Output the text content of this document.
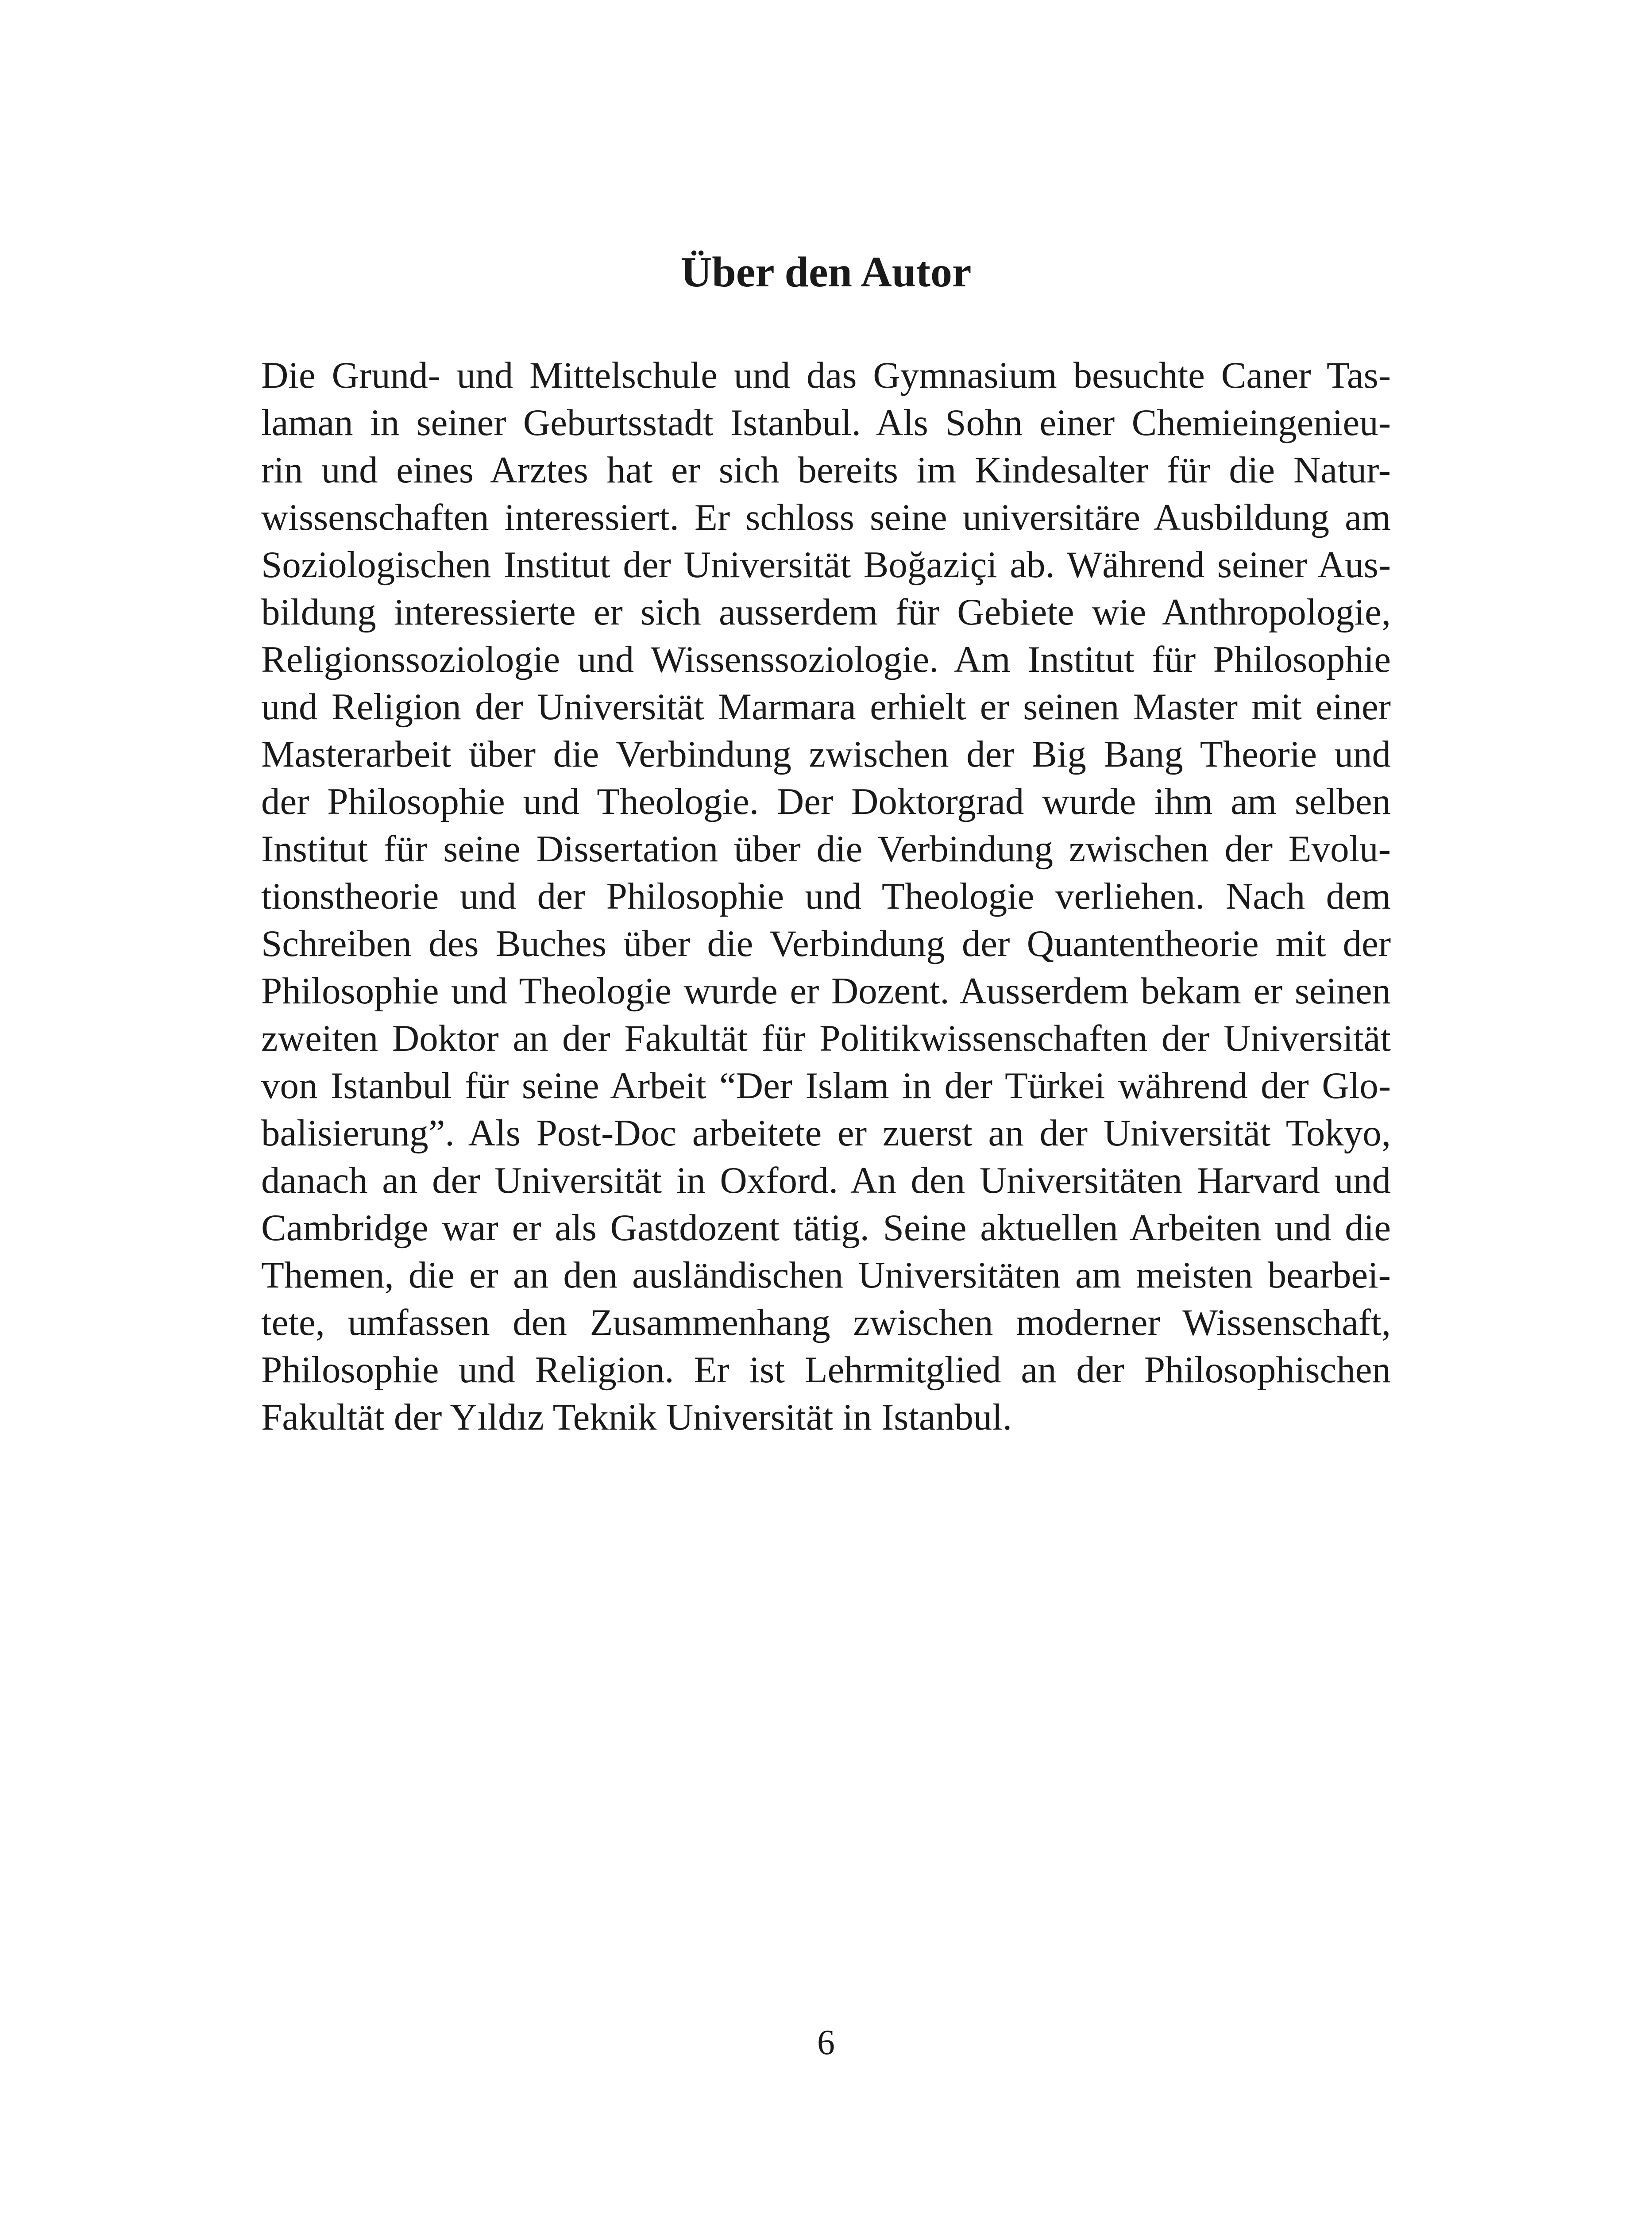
Über den Autor
Die Grund- und Mittelschule und das Gymnasium besuchte Caner Tas-
laman in seiner Geburtsstadt Istanbul. Als Sohn einer Chemieingenieu-
rin und eines Arztes hat er sich bereits im Kindesalter für die Natur-
wissenschaften interessiert. Er schloss seine universitäre Ausbildung am
Soziologischen Institut der Universität Boğaziçi ab. Während seiner Aus-
bildung interessierte er sich ausserdem für Gebiete wie Anthropologie,
Religionssoziologie und Wissenssoziologie. Am Institut für Philosophie
und Religion der Universität Marmara erhielt er seinen Master mit einer
Masterarbeit über die Verbindung zwischen der Big Bang Theorie und
der Philosophie und Theologie. Der Doktorgrad wurde ihm am selben
Institut für seine Dissertation über die Verbindung zwischen der Evolu-
tionstheorie und der Philosophie und Theologie verliehen. Nach dem
Schreiben des Buches über die Verbindung der Quantentheorie mit der
Philosophie und Theologie wurde er Dozent. Ausserdem bekam er seinen
zweiten Doktor an der Fakultät für Politikwissenschaften der Universität
von Istanbul für seine Arbeit “Der Islam in der Türkei während der Glo-
balisierung”. Als Post-Doc arbeitete er zuerst an der Universität Tokyo,
danach an der Universität in Oxford. An den Universitäten Harvard und
Cambridge war er als Gastdozent tätig. Seine aktuellen Arbeiten und die
Themen, die er an den ausländischen Universitäten am meisten bearbei-
tete, umfassen den Zusammenhang zwischen moderner Wissenschaft,
Philosophie und Religion. Er ist Lehrmitglied an der Philosophischen
Fakultät der Yıldız Teknik Universität in Istanbul.
6
